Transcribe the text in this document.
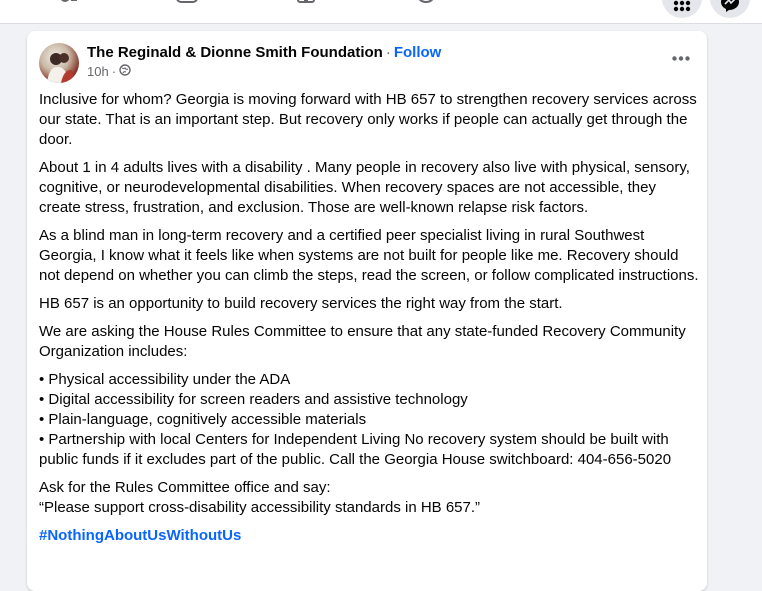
The Reginald & Dionne Smith Foundation · Follow
10h ·

Inclusive for whom? Georgia is moving forward with HB 657 to strengthen recovery services across our state. That is an important step. But recovery only works if people can actually get through the door.

About 1 in 4 adults lives with a disability . Many people in recovery also live with physical, sensory, cognitive, or neurodevelopmental disabilities. When recovery spaces are not accessible, they create stress, frustration, and exclusion. Those are well-known relapse risk factors.

As a blind man in long-term recovery and a certified peer specialist living in rural Southwest Georgia, I know what it feels like when systems are not built for people like me. Recovery should not depend on whether you can climb the steps, read the screen, or follow complicated instructions.

HB 657 is an opportunity to build recovery services the right way from the start.

We are asking the House Rules Committee to ensure that any state-funded Recovery Community Organization includes:

• Physical accessibility under the ADA
• Digital accessibility for screen readers and assistive technology
• Plain-language, cognitively accessible materials
• Partnership with local Centers for Independent Living No recovery system should be built with public funds if it excludes part of the public. Call the Georgia House switchboard: 404-656-5020

Ask for the Rules Committee office and say:
“Please support cross-disability accessibility standards in HB 657.”

#NothingAboutUsWithoutUs
